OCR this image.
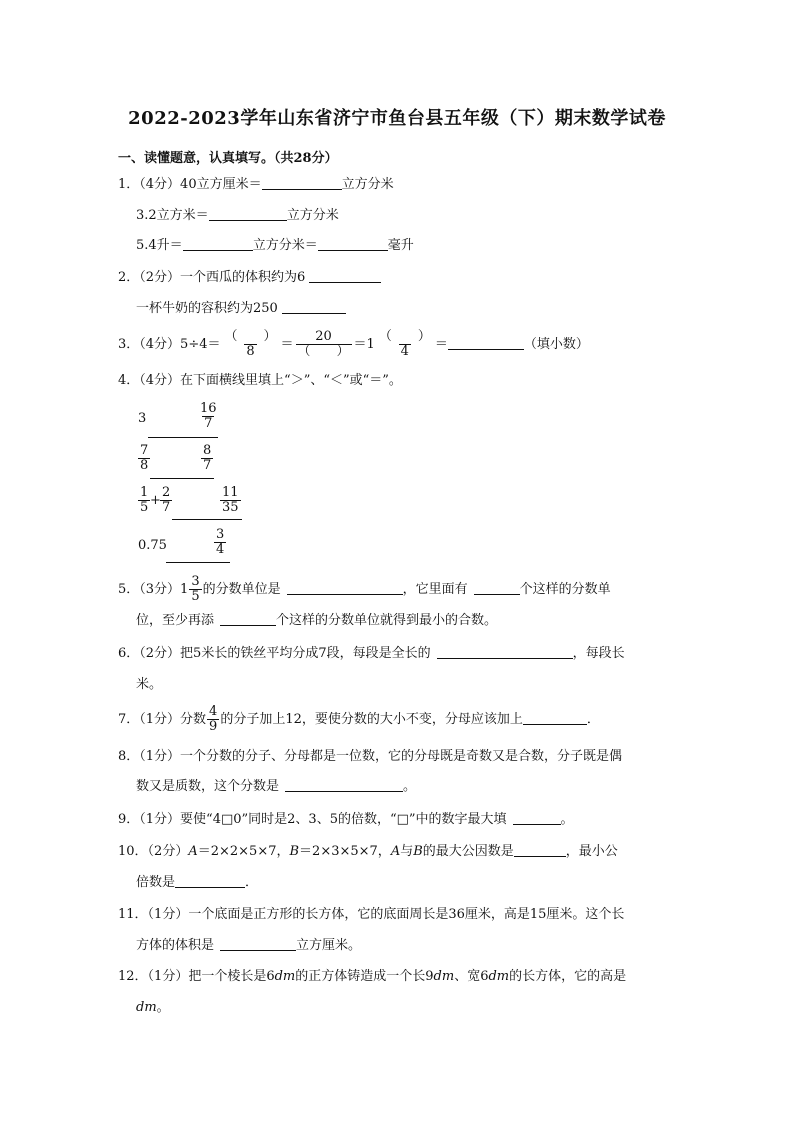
2022-2023学年山东省济宁市鱼台县五年级（下）期末数学试卷
一、读懂题意，认真填写。（共28分）
1．（4分）40立方厘米＝	立方分米
3.2立方米＝	立方分米
5.4升＝	立方分米＝	毫升
2．（2分）一个西瓜的体积约为6
一杯牛奶的容积约为250
3．（4分）$5\div 4= \frac{( )}{8} = \frac{20}{( )} =1 \frac{( )}{4}$ ＝	（填小数）
4．（4分）在下面横线里填上“＞”、“＜”或“＝”。
3	$\frac{16}{7}$
$\frac{7}{8}$	$\frac{8}{7}$
$\frac{1}{5} + \frac{2}{7}$	$\frac{11}{35}$
0.75	$\frac{3}{4}$
5．（3分）$1 \frac{3}{5}$ 的分数单位是	，它里面有	个这样的分数单
位，至少再添	个这样的分数单位就得到最小的合数。
6．（2分）把5米长的铁丝平均分成7段，每段是全长的	，每段长
米。
7．（1分）分数 $\frac{4}{9}$ 的分子加上12，要使分数的大小不变，分母应该加上	．
8．（1分）一个分数的分子、分母都是一位数，它的分母既是奇数又是合数，分子既是偶
数又是质数，这个分数是	。
9．（1分）要使“4□0”同时是2、3、5的倍数，“□”中的数字最大填	。
10．（2分）A＝2×2×5×7，B＝2×3×5×7，A与B的最大公因数是	，最小公
倍数是	．
11．（1分）一个底面是正方形的长方体，它的底面周长是36厘米，高是15厘米。这个长
方体的体积是	立方厘米。
12．（1分）把一个棱长是6dm的正方体铸造成一个长9dm、宽6dm的长方体，它的高是
dm。
